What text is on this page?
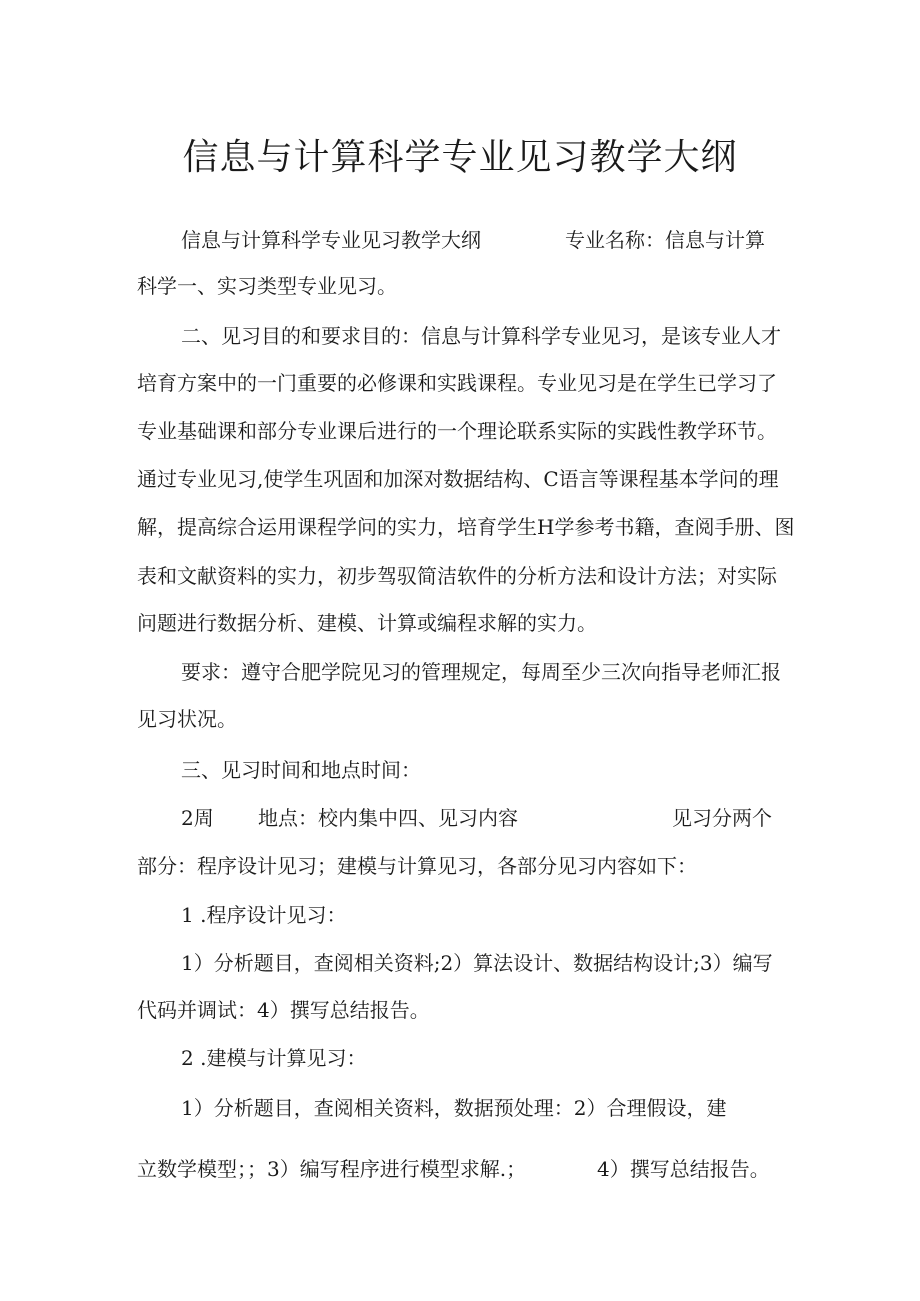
信息与计算科学专业见习教学大纲

信息与计算科学专业见习教学大纲

	专业名称：信息与计算

科学一、实习类型专业见习。

二、见习目的和要求目的：信息与计算科学专业见习，是该专业人才

培育方案中的一门重要的必修课和实践课程。专业见习是在学生已学习了

专业基础课和部分专业课后进行的一个理论联系实际的实践性教学环节。

通过专业见习,使学生巩固和加深对数据结构、C语言等课程基本学问的理

解，提高综合运用课程学问的实力，培育学生H学参考书籍，查阅手册、图

表和文献资料的实力，初步驾驭简洁软件的分析方法和设计方法；对实际

问题进行数据分析、建模、计算或编程求解的实力。

要求：遵守合肥学院见习的管理规定，每周至少三次向指导老师汇报

见习状况。

三、见习时间和地点时间：

2周

地点：校内集中四、见习内容

	见习分两个

部分：程序设计见习；建模与计算见习，各部分见习内容如下：

1 .程序设计见习：

1）分析题目，查阅相关资料;2）算法设计、数据结构设计;3）编写

代码并调试：4）撰写总结报告。

2 .建模与计算见习：

1）分析题目，查阅相关资料，数据预处理：2）合理假设，建

立数学模型；；3）编写程序进行模型求解.；

	4）撰写总结报告。
